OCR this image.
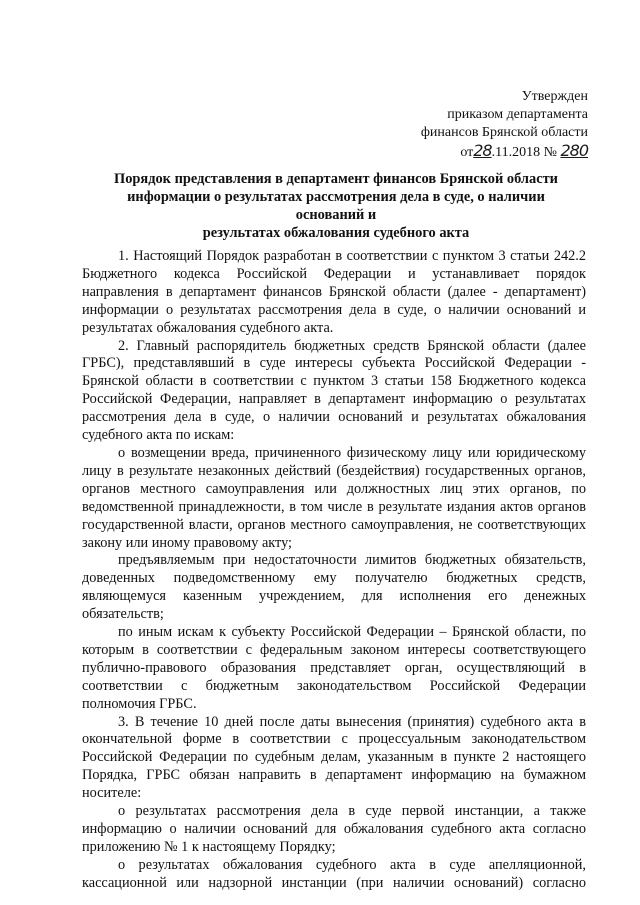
Утвержден
приказом департамента
финансов Брянской области
от28.11.2018 № 280
Порядок представления в департамент финансов Брянской области
информации о результатах рассмотрения дела в суде, о наличии оснований и
результатах обжалования судебного акта

1. Настоящий Порядок разработан в соответствии с пунктом 3 статьи 242.2 Бюджетного кодекса Российской Федерации и устанавливает порядок направления в департамент финансов Брянской области (далее - департамент) информации о результатах рассмотрения дела в суде, о наличии оснований и результатах обжалования судебного акта.

2. Главный распорядитель бюджетных средств Брянской области (далее ГРБС), представлявший в суде интересы субъекта Российской Федерации - Брянской области в соответствии с пунктом 3 статьи 158 Бюджетного кодекса Российской Федерации, направляет в департамент информацию о результатах рассмотрения дела в суде, о наличии оснований и результатах обжалования судебного акта по искам:

о возмещении вреда, причиненного физическому лицу или юридическому лицу в результате незаконных действий (бездействия) государственных органов, органов местного самоуправления или должностных лиц этих органов, по ведомственной принадлежности, в том числе в результате издания актов органов государственной власти, органов местного самоуправления, не соответствующих закону или иному правовому акту;

предъявляемым при недостаточности лимитов бюджетных обязательств, доведенных подведомственному ему получателю бюджетных средств, являющемуся казенным учреждением, для исполнения его денежных обязательств;

по иным искам к субъекту Российской Федерации – Брянской области, по которым в соответствии с федеральным законом интересы соответствующего публично-правового образования представляет орган, осуществляющий в соответствии с бюджетным законодательством Российской Федерации полномочия ГРБС.

3. В течение 10 дней после даты вынесения (принятия) судебного акта в окончательной форме в соответствии с процессуальным законодательством Российской Федерации по судебным делам, указанным в пункте 2 настоящего Порядка, ГРБС обязан направить в департамент информацию на бумажном носителе:

о результатах рассмотрения дела в суде первой инстанции, а также информацию о наличии оснований для обжалования судебного акта согласно приложению № 1 к настоящему Порядку;

о результатах обжалования судебного акта в суде апелляционной, кассационной или надзорной инстанции (при наличии оснований) согласно
